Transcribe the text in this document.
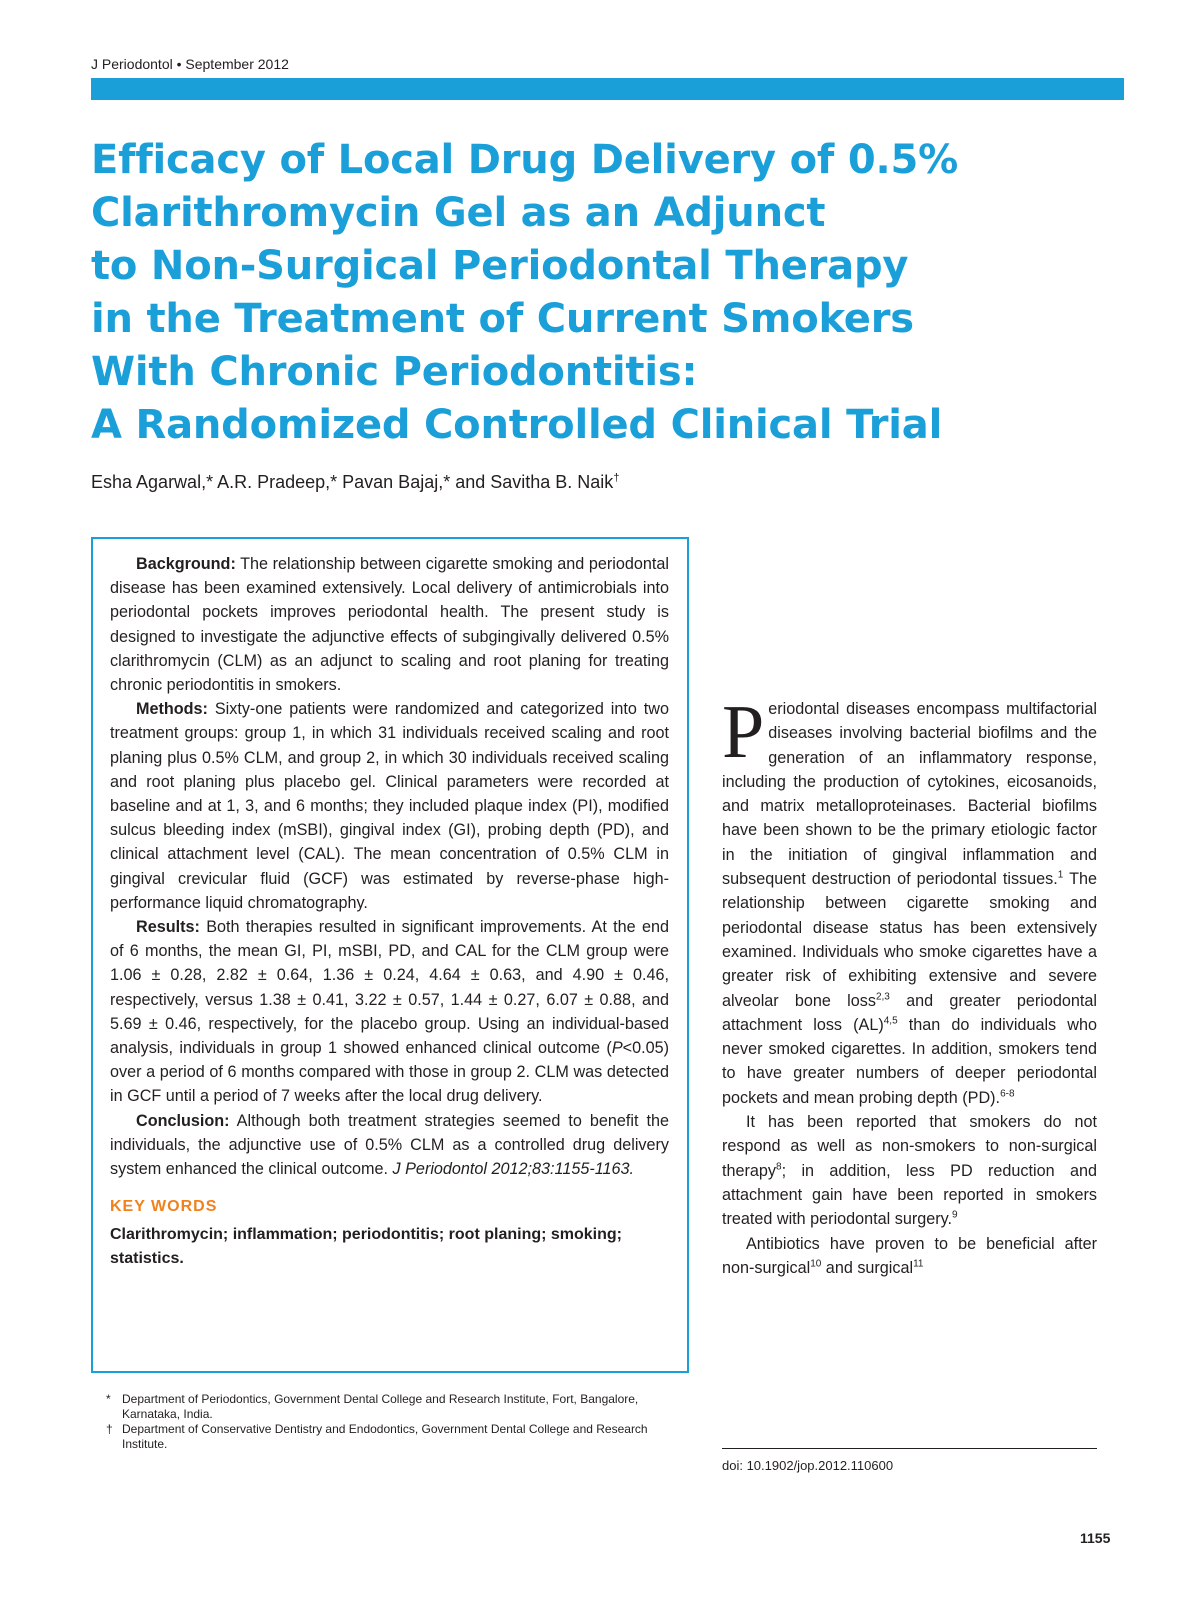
J Periodontol • September 2012
Efficacy of Local Drug Delivery of 0.5%
Clarithromycin Gel as an Adjunct
to Non-Surgical Periodontal Therapy
in the Treatment of Current Smokers
With Chronic Periodontitis:
A Randomized Controlled Clinical Trial
Esha Agarwal,* A.R. Pradeep,* Pavan Bajaj,* and Savitha B. Naik†

Background: The relationship between cigarette smoking and periodontal disease has been examined extensively. Local delivery of antimicrobials into periodontal pockets improves periodontal health. The present study is designed to investigate the adjunctive effects of subgingivally delivered 0.5% clarithromycin (CLM) as an adjunct to scaling and root planing for treating chronic periodontitis in smokers.

Methods: Sixty-one patients were randomized and categorized into two treatment groups: group 1, in which 31 individuals received scaling and root planing plus 0.5% CLM, and group 2, in which 30 individuals received scaling and root planing plus placebo gel. Clinical parameters were recorded at baseline and at 1, 3, and 6 months; they included plaque index (PI), modified sulcus bleeding index (mSBI), gingival index (GI), probing depth (PD), and clinical attachment level (CAL). The mean concentration of 0.5% CLM in gingival crevicular fluid (GCF) was estimated by reverse-phase high-performance liquid chromatography.

Results: Both therapies resulted in significant improvements. At the end of 6 months, the mean GI, PI, mSBI, PD, and CAL for the CLM group were 1.06 ± 0.28, 2.82 ± 0.64, 1.36 ± 0.24, 4.64 ± 0.63, and 4.90 ± 0.46, respectively, versus 1.38 ± 0.41, 3.22 ± 0.57, 1.44 ± 0.27, 6.07 ± 0.88, and 5.69 ± 0.46, respectively, for the placebo group. Using an individual-based analysis, individuals in group 1 showed enhanced clinical outcome (P<0.05) over a period of 6 months compared with those in group 2. CLM was detected in GCF until a period of 7 weeks after the local drug delivery.

Conclusion: Although both treatment strategies seemed to benefit the individuals, the adjunctive use of 0.5% CLM as a controlled drug delivery system enhanced the clinical outcome. J Periodontol 2012;83:1155-1163.

KEY WORDS
Clarithromycin; inflammation; periodontitis; root planing; smoking; statistics.
* Department of Periodontics, Government Dental College and Research Institute, Fort, Bangalore, Karnataka, India.
† Department of Conservative Dentistry and Endodontics, Government Dental College and Research Institute.

Periodontal diseases encompass multifactorial diseases involving bacterial biofilms and the generation of an inflammatory response, including the production of cytokines, eicosanoids, and matrix metalloproteinases. Bacterial biofilms have been shown to be the primary etiologic factor in the initiation of gingival inflammation and subsequent destruction of periodontal tissues.$^1$ The relationship between cigarette smoking and periodontal disease status has been extensively examined. Individuals who smoke cigarettes have a greater risk of exhibiting extensive and severe alveolar bone loss$^{2,3}$ and greater periodontal attachment loss (AL)$^{4,5}$ than do individuals who never smoked cigarettes. In addition, smokers tend to have greater numbers of deeper periodontal pockets and mean probing depth (PD).$^{6-8}$

It has been reported that smokers do not respond as well as non-smokers to non-surgical therapy$^8$; in addition, less PD reduction and attachment gain have been reported in smokers treated with periodontal surgery.$^9$

Antibiotics have proven to be beneficial after non-surgical$^{10}$ and surgical$^{11}$

doi: 10.1902/jop.2012.110600
1155
